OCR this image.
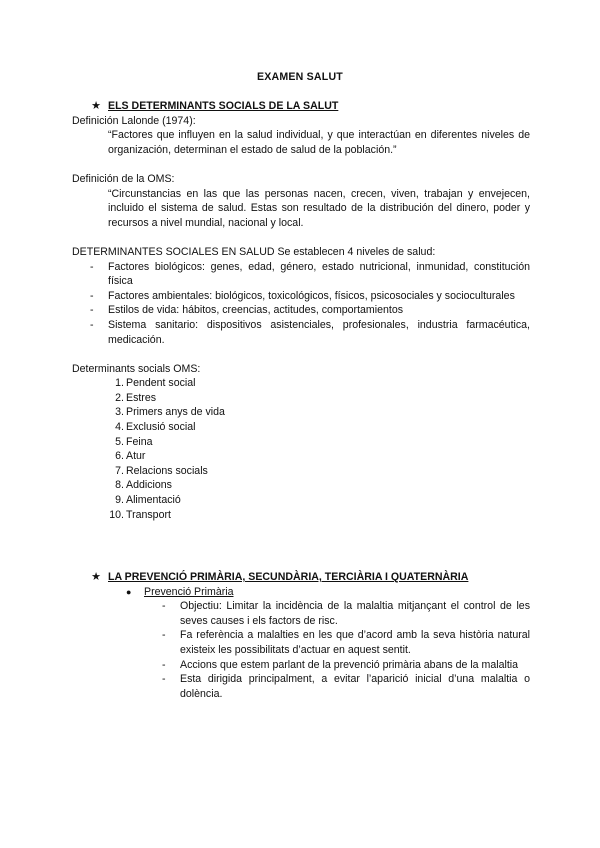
EXAMEN SALUT
★ ELS DETERMINANTS SOCIALS DE LA SALUT
Definición Lalonde (1974):
“Factores que influyen en la salud individual, y que interactúan en diferentes niveles de organización, determinan el estado de salud de la población.”
Definición de la OMS:
“Circunstancias en las que las personas nacen, crecen, viven, trabajan y envejecen, incluido el sistema de salud. Estas son resultado de la distribución del dinero, poder y recursos a nivel mundial, nacional y local.
DETERMINANTES SOCIALES EN SALUD Se establecen 4 niveles de salud:
- Factores biológicos: genes, edad, género, estado nutricional, inmunidad, constitución física
- Factores ambientales: biológicos, toxicológicos, físicos, psicosociales y socioculturales
- Estilos de vida: hábitos, creencias, actitudes, comportamientos
- Sistema sanitario: dispositivos asistenciales, profesionales, industria farmacéutica, medicación.
Determinants socials OMS:
1. Pendent social
2. Estres
3. Primers anys de vida
4. Exclusió social
5. Feina
6. Atur
7. Relacions socials
8. Addicions
9. Alimentació
10. Transport
★ LA PREVENCIÓ PRIMÀRIA, SECUNDÀRIA, TERCIÀRIA I QUATERNÀRIA
● Prevenció Primària
- Objectiu: Limitar la incidència de la malaltia mitjançant el control de les seves causes i els factors de risc.
- Fa referència a malalties en les que d’acord amb la seva història natural existeix les possibilitats d’actuar en aquest sentit.
- Accions que estem parlant de la prevenció primària abans de la malaltia
- Esta dirigida principalment, a evitar l’aparició inicial d’una malaltia o dolència.
